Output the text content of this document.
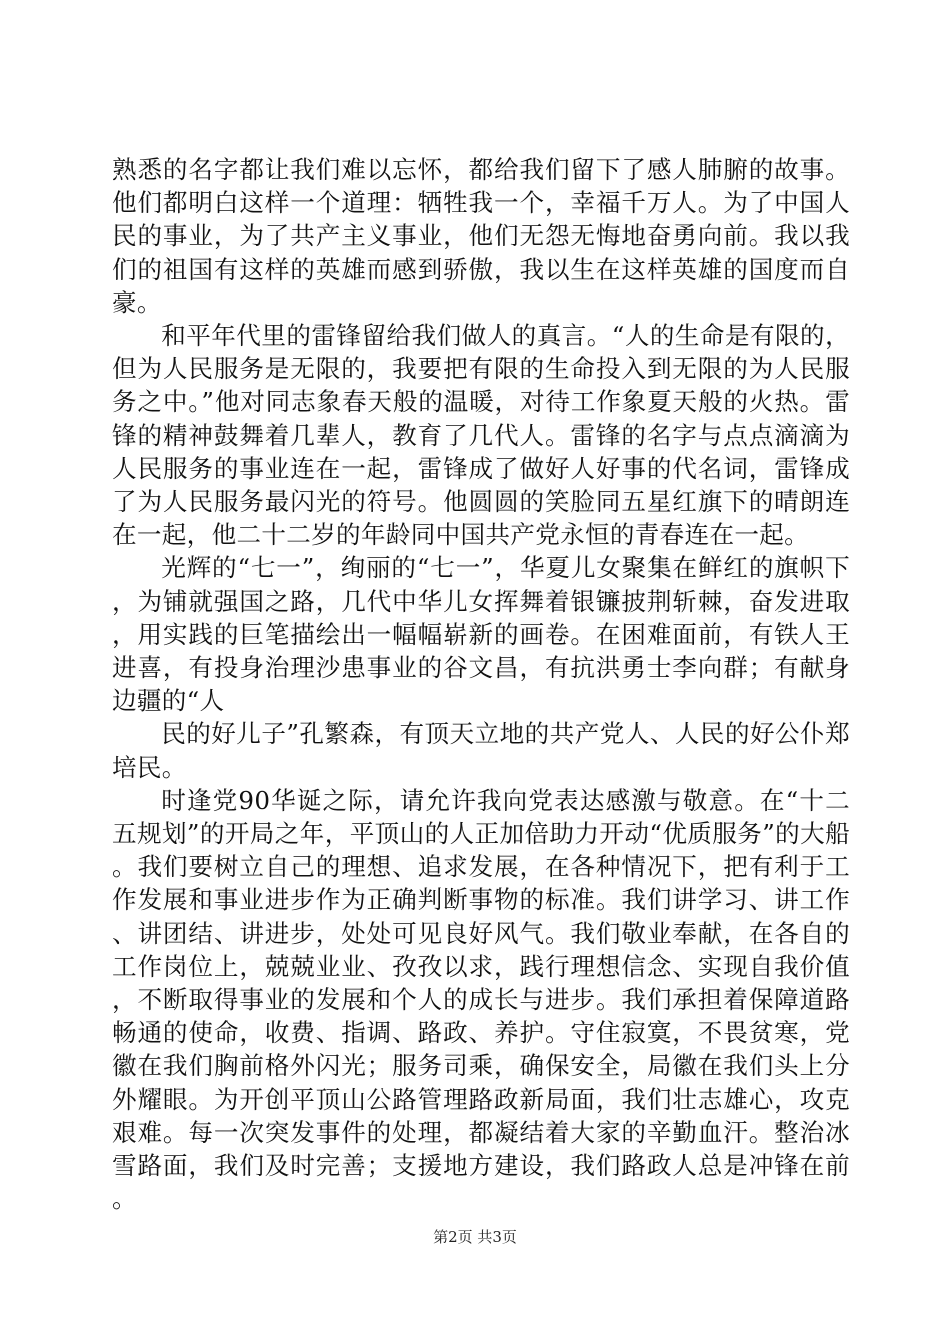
熟悉的名字都让我们难以忘怀，都给我们留下了感人肺腑的故事。他们都明白这样一个道理：牺牲我一个，幸福千万人。为了中国人民的事业，为了共产主义事业，他们无怨无悔地奋勇向前。我以我们的祖国有这样的英雄而感到骄傲，我以生在这样英雄的国度而自豪。

和平年代里的雷锋留给我们做人的真言。“人的生命是有限的，但为人民服务是无限的，我要把有限的生命投入到无限的为人民服务之中。”他对同志象春天般的温暖，对待工作象夏天般的火热。雷锋的精神鼓舞着几辈人，教育了几代人。雷锋的名字与点点滴滴为人民服务的事业连在一起，雷锋成了做好人好事的代名词，雷锋成了为人民服务最闪光的符号。他圆圆的笑脸同五星红旗下的晴朗连在一起，他二十二岁的年龄同中国共产党永恒的青春连在一起。

光辉的“七一”，绚丽的“七一”，华夏儿女聚集在鲜红的旗帜下，为铺就强国之路，几代中华儿女挥舞着银镰披荆斩棘，奋发进取，用实践的巨笔描绘出一幅幅崭新的画卷。在困难面前，有铁人王进喜，有投身治理沙患事业的谷文昌，有抗洪勇士李向群；有献身边疆的“人

民的好儿子”孔繁森，有顶天立地的共产党人、人民的好公仆郑培民。

时逢党90华诞之际，请允许我向党表达感激与敬意。在“十二五规划”的开局之年，平顶山的人正加倍助力开动“优质服务”的大船。我们要树立自己的理想、追求发展，在各种情况下，把有利于工作发展和事业进步作为正确判断事物的标准。我们讲学习、讲工作、讲团结、讲进步，处处可见良好风气。我们敬业奉献，在各自的工作岗位上，兢兢业业、孜孜以求，践行理想信念、实现自我价值，不断取得事业的发展和个人的成长与进步。我们承担着保障道路畅通的使命，收费、指调、路政、养护。守住寂寞，不畏贫寒，党徽在我们胸前格外闪光；服务司乘，确保安全，局徽在我们头上分外耀眼。为开创平顶山公路管理路政新局面，我们壮志雄心，攻克艰难。每一次突发事件的处理，都凝结着大家的辛勤血汗。整治冰雪路面，我们及时完善；支援地方建设，我们路政人总是冲锋在前。

第2页 共3页
